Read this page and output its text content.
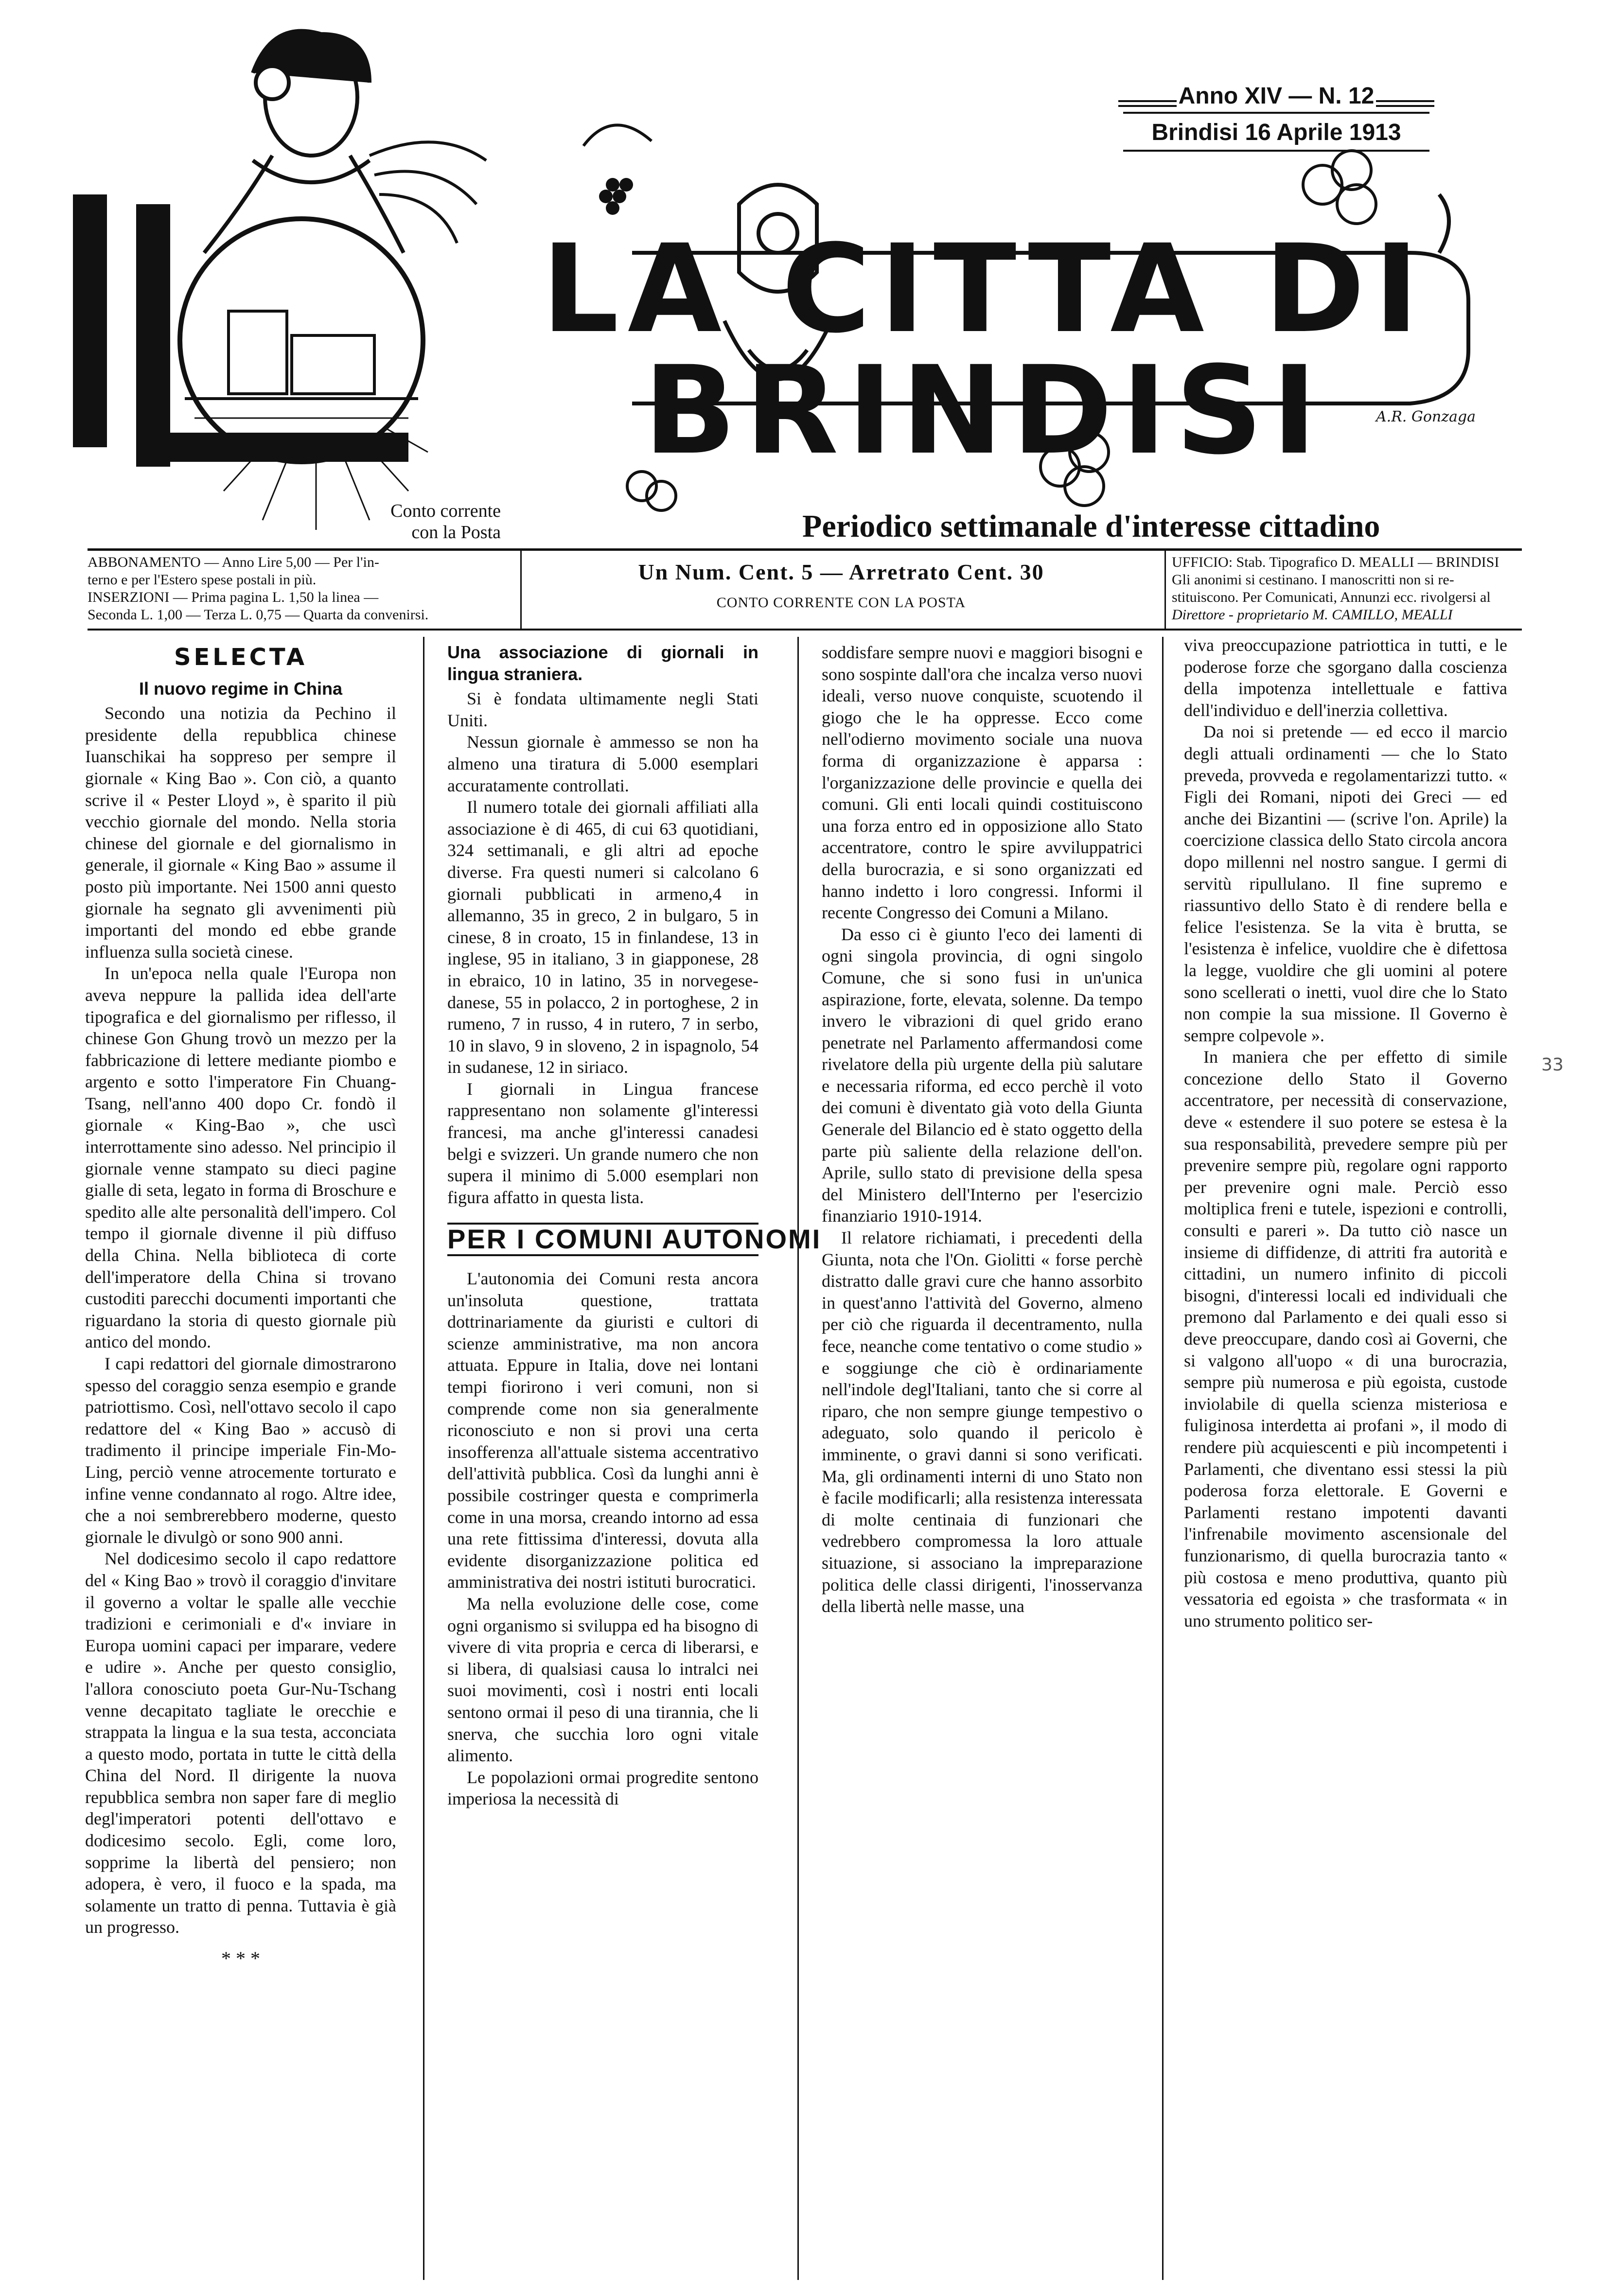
Anno XIV — N. 12
Brindisi 16 Aprile 1913
LA CITTA DI BRINDISI	A.R. Gonzaga
Conto corrente con la Posta	Periodico settimanale d'interesse cittadino
ABBONAMENTO — Anno Lire 5,00 — Per l'in-
terno e per l'Estero spese postali in più.
INSERZIONI — Prima pagina L. 1,50 la linea —
Seconda L. 1,00 — Terza L. 0,75 — Quarta da convenirsi.
Un Num. Cent. 5 — Arretrato Cent. 30
CONTO CORRENTE CON LA POSTA
UFFICIO: Stab. Tipografico D. MEALLI — BRINDISI
Gli anonimi si cestinano. I manoscritti non si re-
stituiscono. Per Comunicati, Annunzi ecc. rivolgersi al
Direttore - proprietario M. CAMILLO, MEALLI
SELECTA
Il nuovo regime in China

Secondo una notizia da Pechino il presidente della repubblica chinese Iuanschikai ha soppreso per sempre il giornale « King Bao ». Con ciò, a quanto scrive il « Pester Lloyd », è sparito il più vecchio giornale del mondo. Nella storia chinese del giornale e del giornalismo in generale, il giornale « King Bao » assume il posto più importante. Nei 1500 anni questo giornale ha segnato gli avvenimenti più importanti del mondo ed ebbe grande influenza sulla società cinese.

In un'epoca nella quale l'Europa non aveva neppure la pallida idea dell'arte tipografica e del giornalismo per riflesso, il chinese Gon Ghung trovò un mezzo per la fabbricazione di lettere mediante piombo e argento e sotto l'imperatore Fin Chuang-Tsang, nell'anno 400 dopo Cr. fondò il giornale « King-Bao », che uscì interrottamente sino adesso. Nel principio il giornale venne stampato su dieci pagine gialle di seta, legato in forma di Broschure e spedito alle alte personalità dell'impero. Col tempo il giornale divenne il più diffuso della China. Nella biblioteca di corte dell'imperatore della China si trovano custoditi parecchi documenti importanti che riguardano la storia di questo giornale più antico del mondo.

I capi redattori del giornale dimostrarono spesso del coraggio senza esempio e grande patriottismo. Così, nell'ottavo secolo il capo redattore del « King Bao » accusò di tradimento il principe imperiale Fin-Mo-Ling, perciò venne atrocemente torturato e infine venne condannato al rogo. Altre idee, che a noi sembrerebbero moderne, questo giornale le divulgò or sono 900 anni.

Nel dodicesimo secolo il capo redattore del « King Bao » trovò il coraggio d'invitare il governo a voltar le spalle alle vecchie tradizioni e cerimoniali e d'« inviare in Europa uomini capaci per imparare, vedere e udire ». Anche per questo consiglio, l'allora conosciuto poeta Gur-Nu-Tschang venne decapitato tagliate le orecchie e strappata la lingua e la sua testa, acconciata a questo modo, portata in tutte le città della China del Nord. Il dirigente la nuova repubblica sembra non saper fare di meglio degl'imperatori potenti dell'ottavo e dodicesimo secolo. Egli, come loro, sopprime la libertà del pensiero; non adopera, è vero, il fuoco e la spada, ma solamente un tratto di penna. Tuttavia è già un progresso.

* * *
Una associazione di giornali in lingua straniera.

Si è fondata ultimamente negli Stati Uniti.

Nessun giornale è ammesso se non ha almeno una tiratura di 5.000 esemplari accuratamente controllati.

Il numero totale dei giornali affiliati alla associazione è di 465, di cui 63 quotidiani, 324 settimanali, e gli altri ad epoche diverse. Fra questi numeri si calcolano 6 giornali pubblicati in armeno,4 in allemanno, 35 in greco, 2 in bulgaro, 5 in cinese, 8 in croato, 15 in finlandese, 13 in inglese, 95 in italiano, 3 in giapponese, 28 in ebraico, 10 in latino, 35 in norvegese-danese, 55 in polacco, 2 in portoghese, 2 in rumeno, 7 in russo, 4 in rutero, 7 in serbo, 10 in slavo, 9 in sloveno, 2 in ispagnolo, 54 in sudanese, 12 in siriaco.

I giornali in Lingua francese rappresentano non solamente gl'interessi francesi, ma anche gl'interessi canadesi belgi e svizzeri. Un grande numero che non supera il minimo di 5.000 esemplari non figura affatto in questa lista.

PER I COMUNI AUTONOMI

L'autonomia dei Comuni resta ancora un'insoluta questione, trattata dottrinariamente da giuristi e cultori di scienze amministrative, ma non ancora attuata. Eppure in Italia, dove nei lontani tempi fiorirono i veri comuni, non si comprende come non sia generalmente riconosciuto e non si provi una certa insofferenza all'attuale sistema accentrativo dell'attività pubblica. Così da lunghi anni è possibile costringer questa e comprimerla come in una morsa, creando intorno ad essa una rete fittissima d'interessi, dovuta alla evidente disorganizzazione politica ed amministrativa dei nostri istituti burocratici.

Ma nella evoluzione delle cose, come ogni organismo si sviluppa ed ha bisogno di vivere di vita propria e cerca di liberarsi, e si libera, di qualsiasi causa lo intralci nei suoi movimenti, così i nostri enti locali sentono ormai il peso di una tirannia, che li snerva, che succhia loro ogni vitale alimento.

Le popolazioni ormai progredite sentono imperiosa la necessità di

soddisfare sempre nuovi e maggiori bisogni e sono sospinte dall'ora che incalza verso nuovi ideali, verso nuove conquiste, scuotendo il giogo che le ha oppresse. Ecco come nell'odierno movimento sociale una nuova forma di organizzazione è apparsa : l'organizzazione delle provincie e quella dei comuni. Gli enti locali quindi costituiscono una forza entro ed in opposizione allo Stato accentratore, contro le spire avviluppatrici della burocrazia, e si sono organizzati ed hanno indetto i loro congressi. Informi il recente Congresso dei Comuni a Milano.

Da esso ci è giunto l'eco dei lamenti di ogni singola provincia, di ogni singolo Comune, che si sono fusi in un'unica aspirazione, forte, elevata, solenne. Da tempo invero le vibrazioni di quel grido erano penetrate nel Parlamento affermandosi come rivelatore della più urgente della più salutare e necessaria riforma, ed ecco perchè il voto dei comuni è diventato già voto della Giunta Generale del Bilancio ed è stato oggetto della parte più saliente della relazione dell'on. Aprile, sullo stato di previsione della spesa del Ministero dell'Interno per l'esercizio finanziario 1910-1914.

Il relatore richiamati, i precedenti della Giunta, nota che l'On. Giolitti « forse perchè distratto dalle gravi cure che hanno assorbito in quest'anno l'attività del Governo, almeno per ciò che riguarda il decentramento, nulla fece, neanche come tentativo o come studio » e soggiunge che ciò è ordinariamente nell'indole degl'Italiani, tanto che si corre al riparo, che non sempre giunge tempestivo o adeguato, solo quando il pericolo è imminente, o gravi danni si sono verificati. Ma, gli ordinamenti interni di uno Stato non è facile modificarli; alla resistenza interessata di molte centinaia di funzionari che vedrebbero compromessa la loro attuale situazione, si associano la impreparazione politica delle classi dirigenti, l'inosservanza della libertà nelle masse, una

viva preoccupazione patriottica in tutti, e le poderose forze che sgorgano dalla coscienza della impotenza intellettuale e fattiva dell'individuo e dell'inerzia collettiva.

Da noi si pretende — ed ecco il marcio degli attuali ordinamenti — che lo Stato preveda, provveda e regolamentarizzi tutto. « Figli dei Romani, nipoti dei Greci — ed anche dei Bizantini — (scrive l'on. Aprile) la coercizione classica dello Stato circola ancora dopo millenni nel nostro sangue. I germi di servitù ripullulano. Il fine supremo e riassuntivo dello Stato è di rendere bella e felice l'esistenza. Se la vita è brutta, se l'esistenza è infelice, vuoldire che è difettosa la legge, vuoldire che gli uomini al potere sono scellerati o inetti, vuol dire che lo Stato non compie la sua missione. Il Governo è sempre colpevole ».

In maniera che per effetto di simile concezione dello Stato il Governo accentratore, per necessità di conservazione, deve « estendere il suo potere se estesa è la sua responsabilità, prevedere sempre più per prevenire sempre più, regolare ogni rapporto per prevenire ogni male. Perciò esso moltiplica freni e tutele, ispezioni e controlli, consulti e pareri ». Da tutto ciò nasce un insieme di diffidenze, di attriti fra autorità e cittadini, un numero infinito di piccoli bisogni, d'interessi locali ed individuali che premono dal Parlamento e dei quali esso si deve preoccupare, dando così ai Governi, che si valgono all'uopo « di una burocrazia, sempre più numerosa e più egoista, custode inviolabile di quella scienza misteriosa e fuliginosa interdetta ai profani », il modo di rendere più acquiescenti e più incompetenti i Parlamenti, che diventano essi stessi la più poderosa forza elettorale. E Governi e Parlamenti restano impotenti davanti l'infrenabile movimento ascensionale del funzionarismo, di quella burocrazia tanto « più costosa e meno produttiva, quanto più vessatoria ed egoista » che trasformata « in uno strumento politico ser-

33
